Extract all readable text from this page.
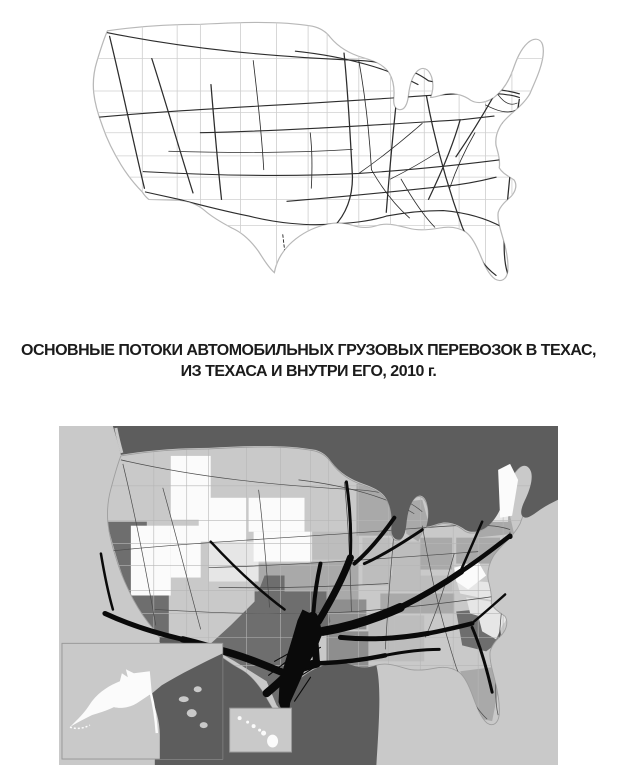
ОСНОВНЫЕ ПОТОКИ АВТОМОБИЛЬНЫХ ГРУЗОВЫХ ПЕРЕВОЗОК В ТЕХАС,
ИЗ ТЕХАСА И ВНУТРИ ЕГО, 2010 г.
